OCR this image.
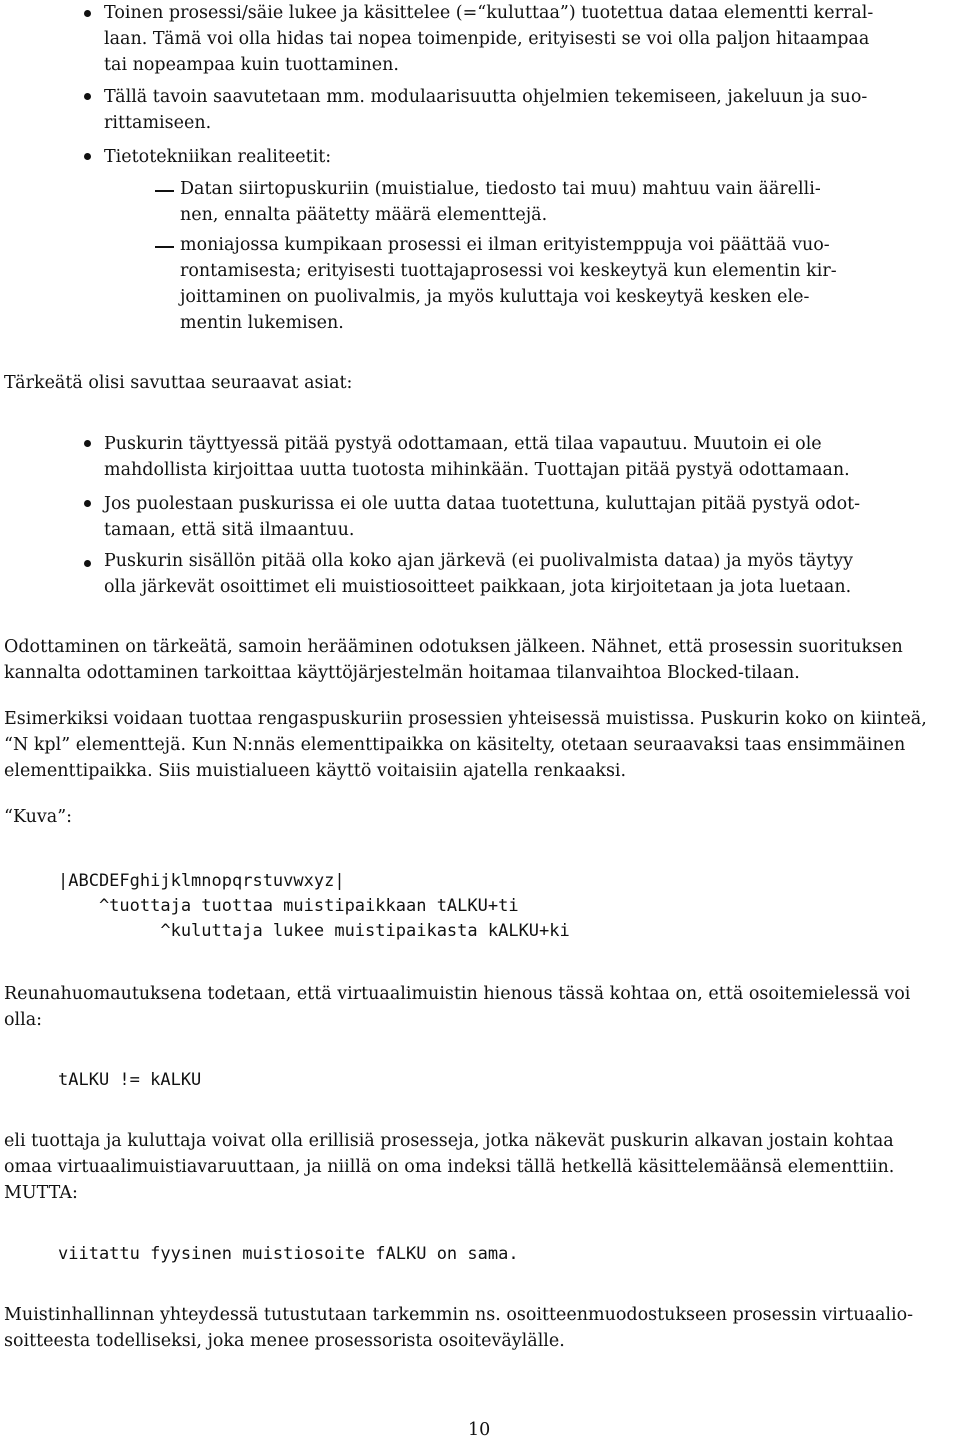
Toinen prosessi/säie lukee ja käsittelee (=“kuluttaa”) tuotettua dataa elementti kerral-
laan. Tämä voi olla hidas tai nopea toimenpide, erityisesti se voi olla paljon hitaampaa
tai nopeampaa kuin tuottaminen.
Tällä tavoin saavutetaan mm. modulaarisuutta ohjelmien tekemiseen, jakeluun ja suo-
rittamiseen.
Tietotekniikan realiteetit:
Datan siirtopuskuriin (muistialue, tiedosto tai muu) mahtuu vain äärelli-
nen, ennalta päätetty määrä elementtejä.
moniajossa kumpikaan prosessi ei ilman erityistemppuja voi päättää vuo-
rontamisesta; erityisesti tuottajaprosessi voi keskeytyä kun elementin kir-
joittaminen on puolivalmis, ja myös kuluttaja voi keskeytyä kesken ele-
mentin lukemisen.
Tärkeätä olisi savuttaa seuraavat asiat:
Puskurin täyttyessä pitää pystyä odottamaan, että tilaa vapautuu. Muutoin ei ole
mahdollista kirjoittaa uutta tuotosta mihinkään. Tuottajan pitää pystyä odottamaan.
Jos puolestaan puskurissa ei ole uutta dataa tuotettuna, kuluttajan pitää pystyä odot-
tamaan, että sitä ilmaantuu.
Puskurin sisällön pitää olla koko ajan järkevä (ei puolivalmista dataa) ja myös täytyy
olla järkevät osoittimet eli muistiosoitteet paikkaan, jota kirjoitetaan ja jota luetaan.
Odottaminen on tärkeätä, samoin herääminen odotuksen jälkeen. Nähnet, että prosessin suorituksen
kannalta odottaminen tarkoittaa käyttöjärjestelmän hoitamaa tilanvaihtoa Blocked-tilaan.
Esimerkiksi voidaan tuottaa rengaspuskuriin prosessien yhteisessä muistissa. Puskurin koko on kiinteä,
“N kpl” elementtejä. Kun N:nnäs elementtipaikka on käsitelty, otetaan seuraavaksi taas ensimmäinen
elementtipaikka. Siis muistialueen käyttö voitaisiin ajatella renkaaksi.
“Kuva”:
|ABCDEFghijklmnopqrstuvwxyz|
^tuottaja tuottaa muistipaikkaan tALKU+ti
^kuluttaja lukee muistipaikasta kALKU+ki
Reunahuomautuksena todetaan, että virtuaalimuistin hienous tässä kohtaa on, että osoitemielessä voi
olla:
tALKU != kALKU
eli tuottaja ja kuluttaja voivat olla erillisiä prosesseja, jotka näkevät puskurin alkavan jostain kohtaa
omaa virtuaalimuistiavaruuttaan, ja niillä on oma indeksi tällä hetkellä käsittelemäänsä elementtiin.
MUTTA:
viitattu fyysinen muistiosoite fALKU on sama.
Muistinhallinnan yhteydessä tutustutaan tarkemmin ns. osoitteenmuodostukseen prosessin virtuaalio-
soitteesta todelliseksi, joka menee prosessorista osoiteväylälle.
10
